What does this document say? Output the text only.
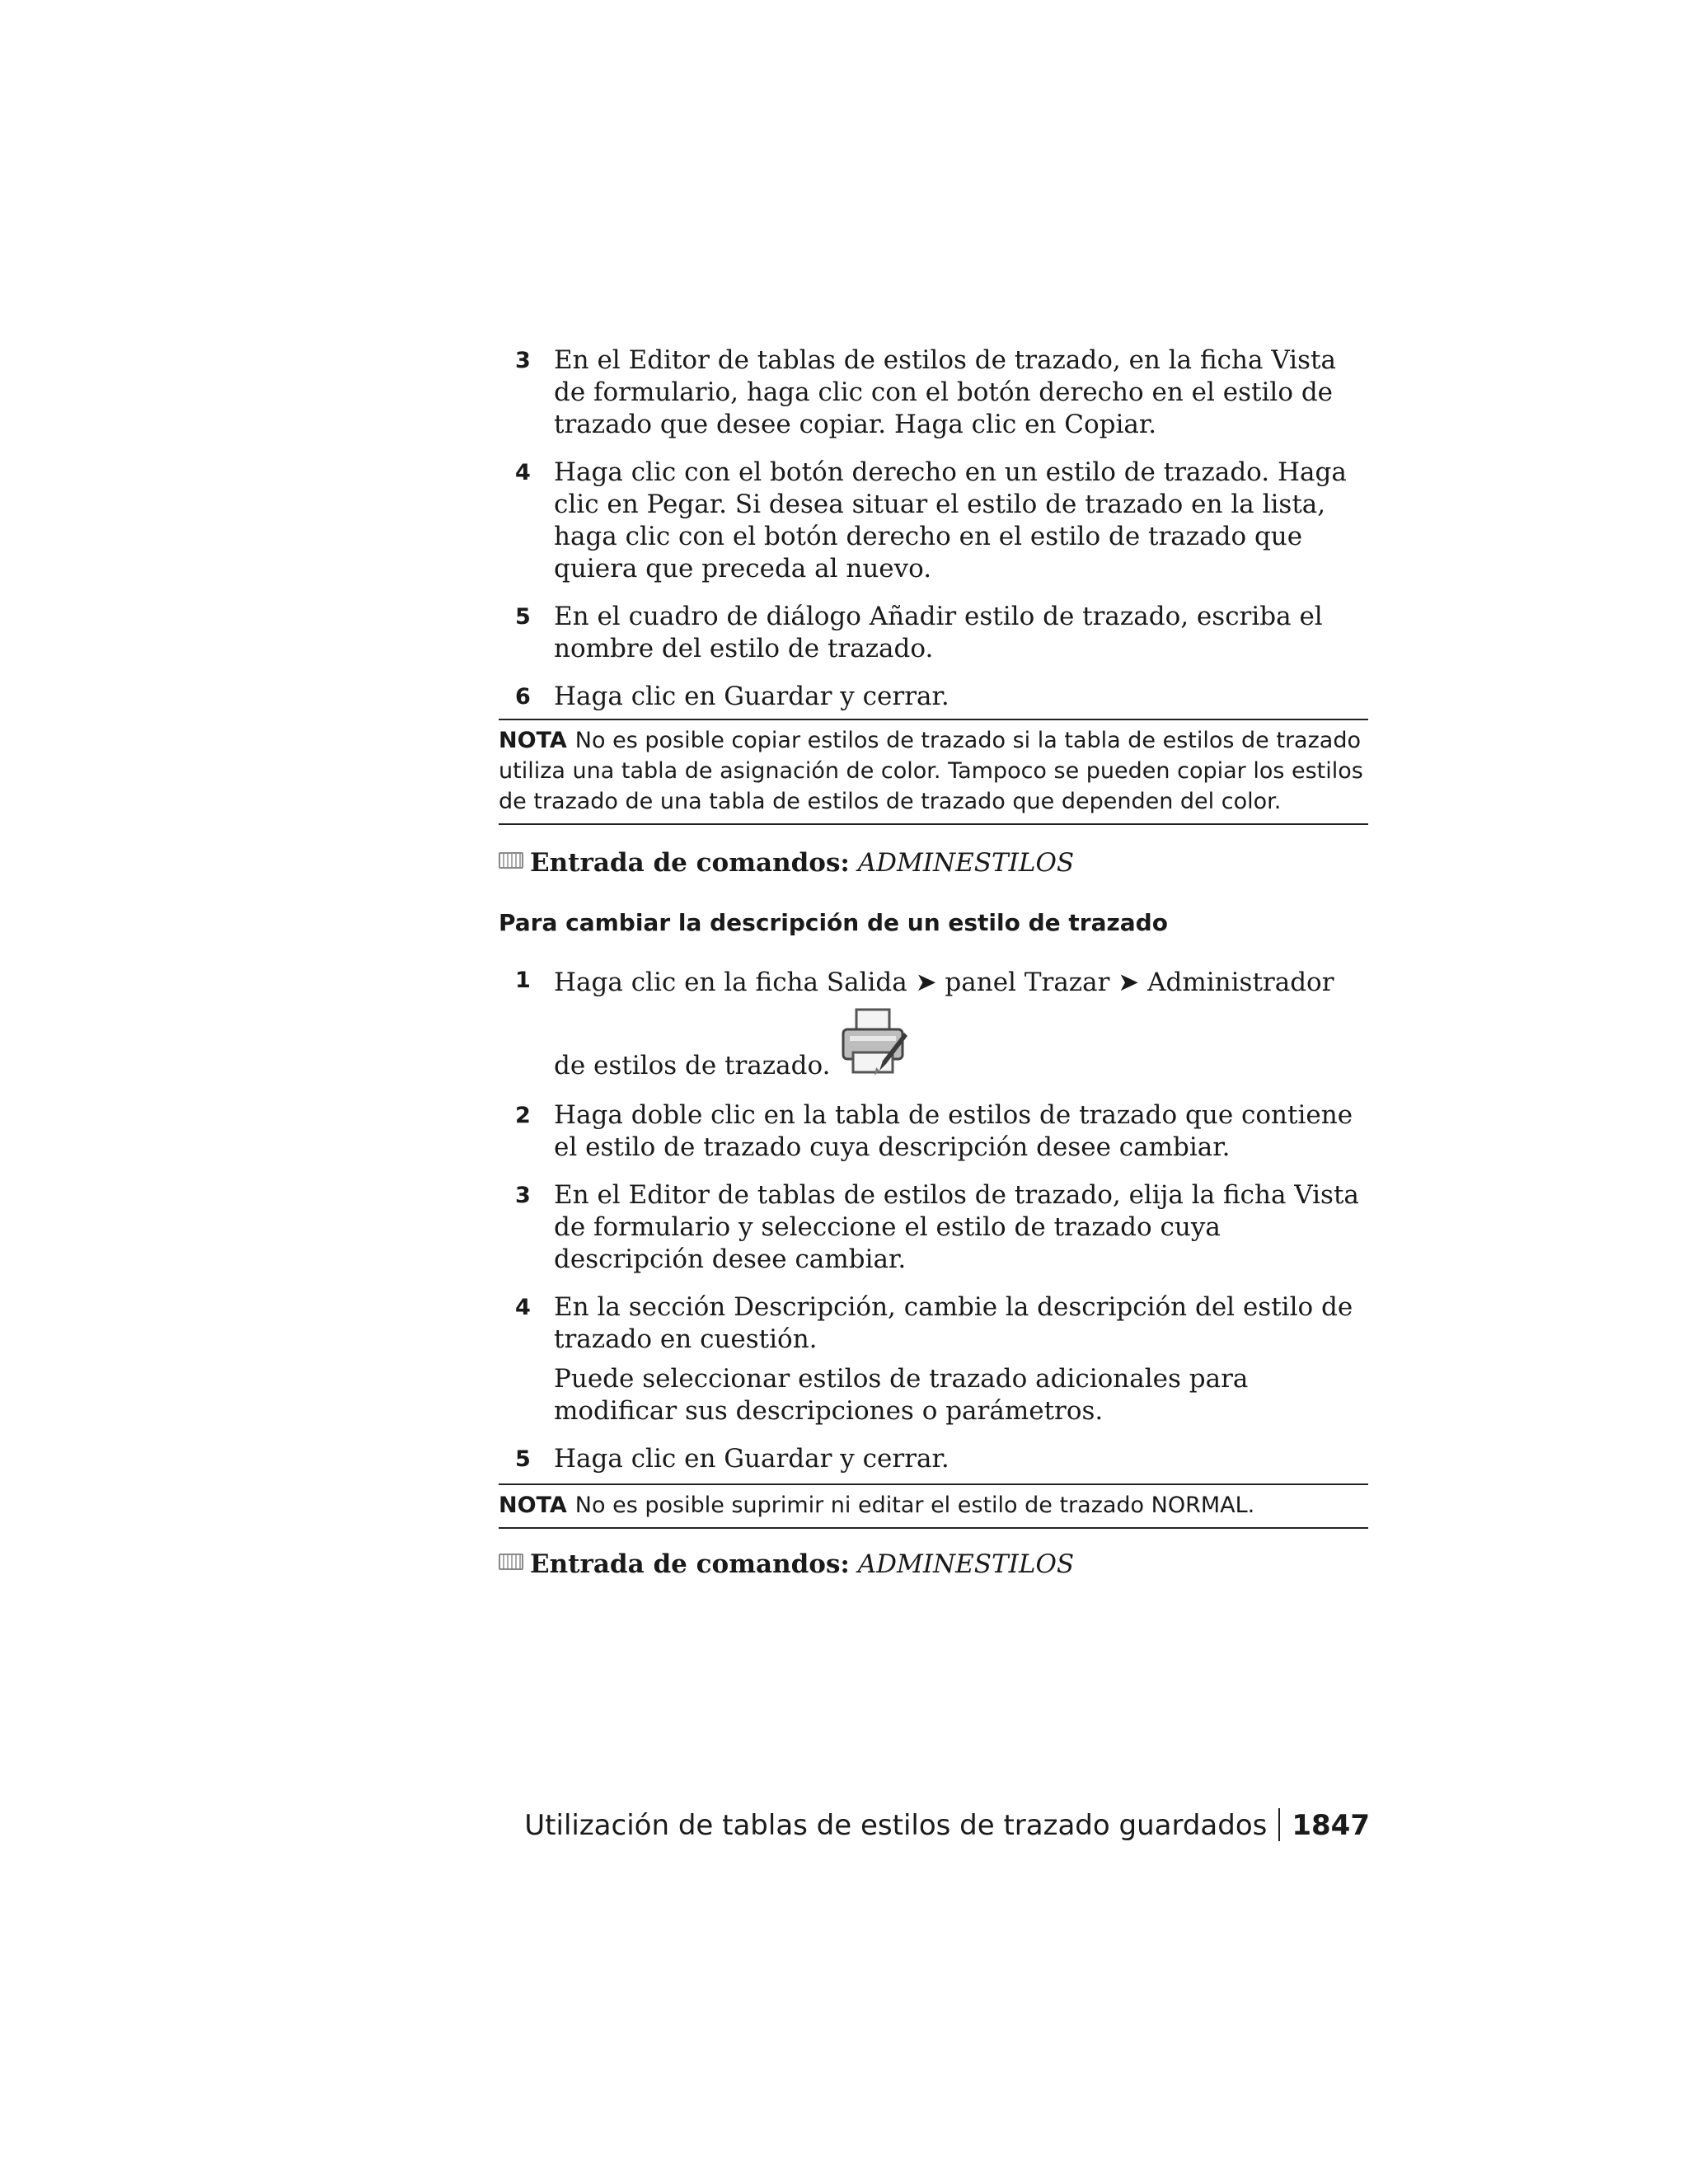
3 En el Editor de tablas de estilos de trazado, en la ficha Vista de formulario, haga clic con el botón derecho en el estilo de trazado que desee copiar. Haga clic en Copiar.

4 Haga clic con el botón derecho en un estilo de trazado. Haga clic en Pegar. Si desea situar el estilo de trazado en la lista, haga clic con el botón derecho en el estilo de trazado que quiera que preceda al nuevo.

5 En el cuadro de diálogo Añadir estilo de trazado, escriba el nombre del estilo de trazado.

6 Haga clic en Guardar y cerrar.

NOTA No es posible copiar estilos de trazado si la tabla de estilos de trazado utiliza una tabla de asignación de color. Tampoco se pueden copiar los estilos de trazado de una tabla de estilos de trazado que dependen del color.
Entrada de comandos: ADMINESTILOS
Para cambiar la descripción de un estilo de trazado
1 Haga clic en la ficha Salida ➤ panel Trazar ➤ Administrador de estilos de trazado.

2 Haga doble clic en la tabla de estilos de trazado que contiene el estilo de trazado cuya descripción desee cambiar.

3 En el Editor de tablas de estilos de trazado, elija la ficha Vista de formulario y seleccione el estilo de trazado cuya descripción desee cambiar.

4 En la sección Descripción, cambie la descripción del estilo de trazado en cuestión.

Puede seleccionar estilos de trazado adicionales para modificar sus descripciones o parámetros.

5 Haga clic en Guardar y cerrar.

NOTA No es posible suprimir ni editar el estilo de trazado NORMAL.
Entrada de comandos: ADMINESTILOS
Utilización de tablas de estilos de trazado guardados 1847
